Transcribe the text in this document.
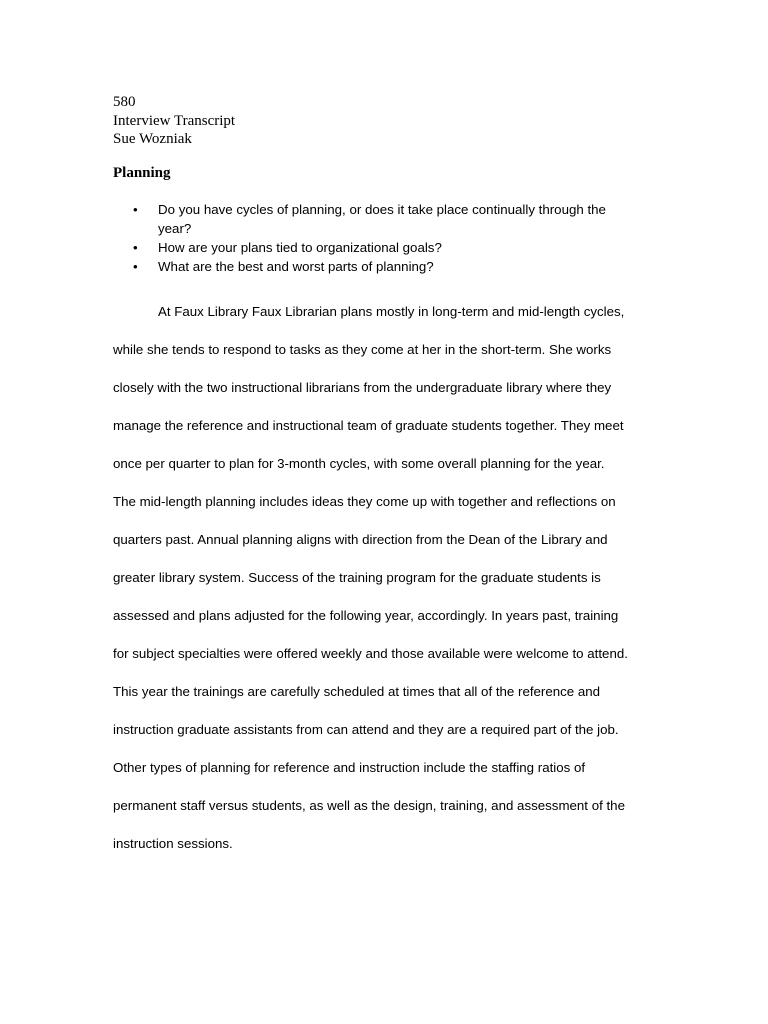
580
Interview Transcript
Sue Wozniak
Planning
• Do you have cycles of planning, or does it take place continually through the
year?
• How are your plans tied to organizational goals?
• What are the best and worst parts of planning?
At Faux Library Faux Librarian plans mostly in long-term and mid-length cycles,
while she tends to respond to tasks as they come at her in the short-term. She works
closely with the two instructional librarians from the undergraduate library where they
manage the reference and instructional team of graduate students together. They meet
once per quarter to plan for 3-month cycles, with some overall planning for the year.
The mid-length planning includes ideas they come up with together and reflections on
quarters past. Annual planning aligns with direction from the Dean of the Library and
greater library system. Success of the training program for the graduate students is
assessed and plans adjusted for the following year, accordingly. In years past, training
for subject specialties were offered weekly and those available were welcome to attend.
This year the trainings are carefully scheduled at times that all of the reference and
instruction graduate assistants from can attend and they are a required part of the job.
Other types of planning for reference and instruction include the staffing ratios of
permanent staff versus students, as well as the design, training, and assessment of the
instruction sessions.
